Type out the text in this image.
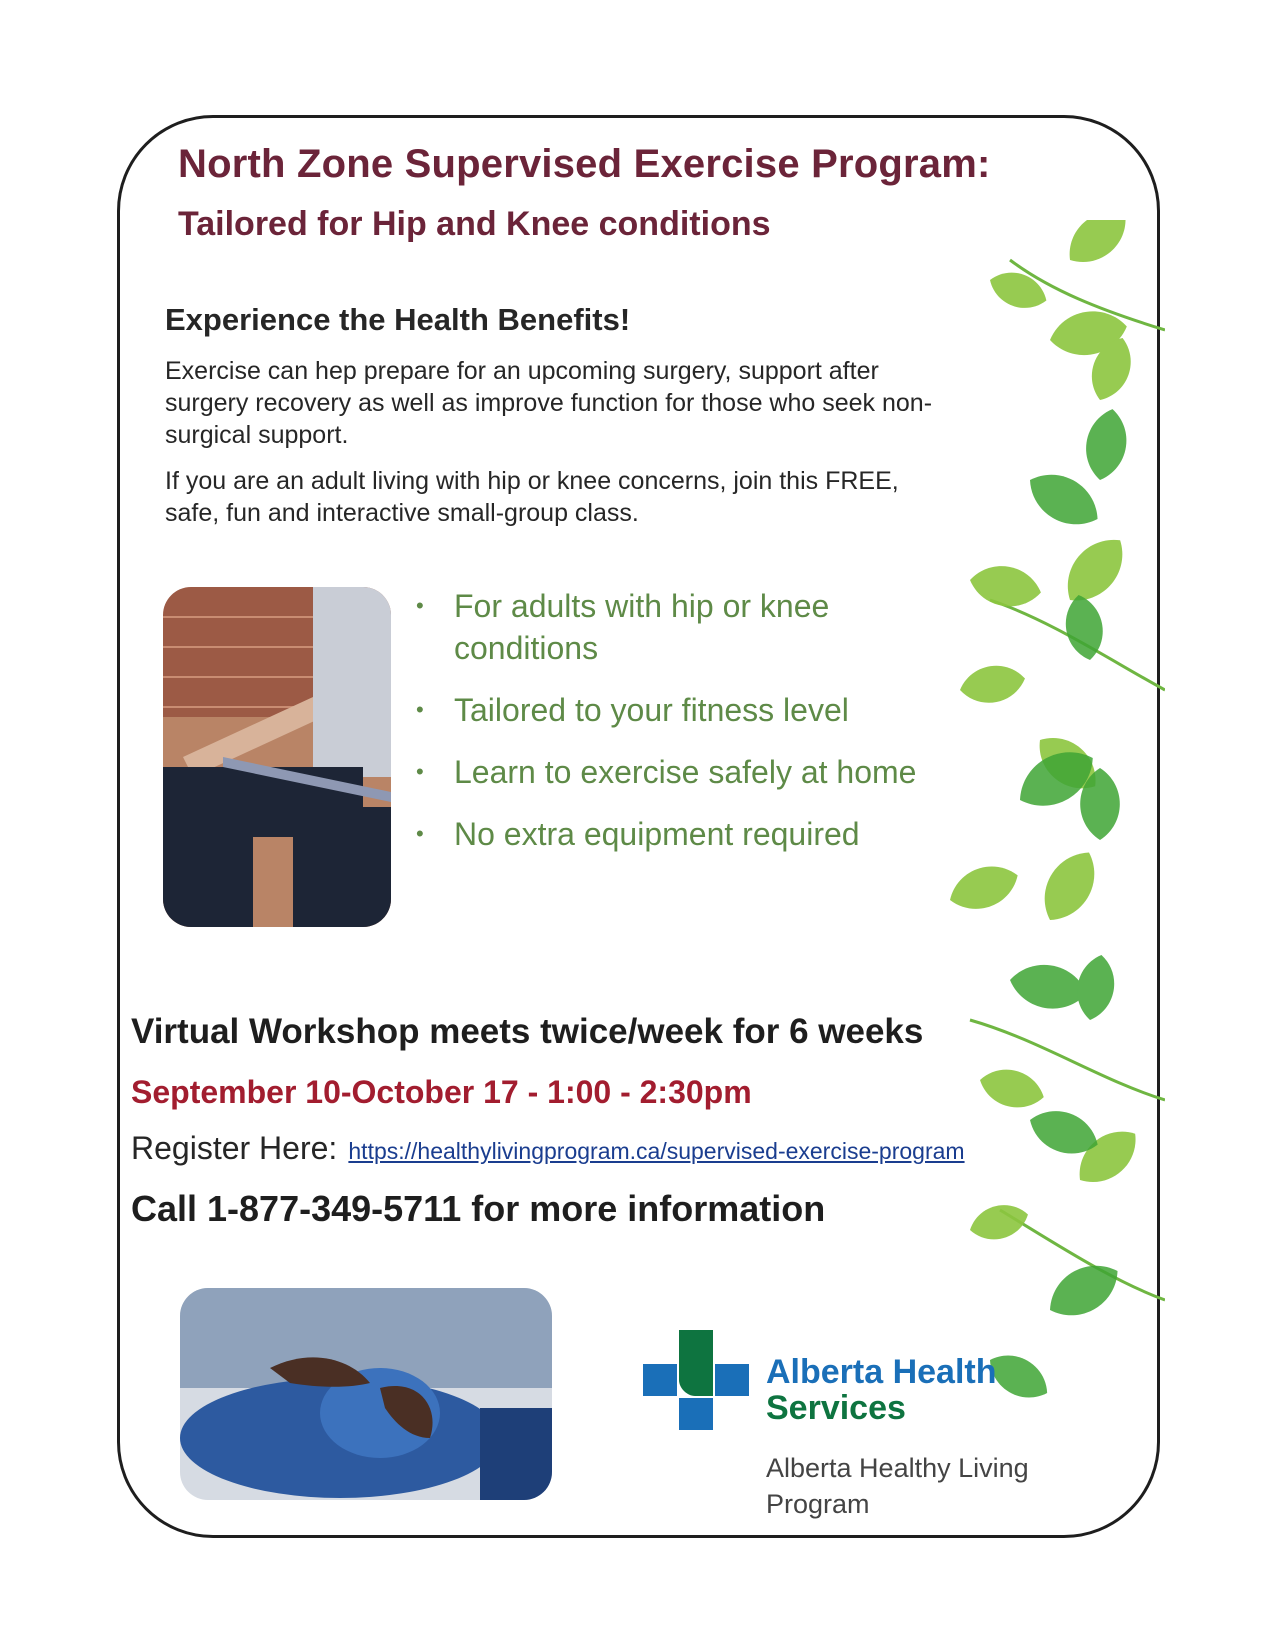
North Zone Supervised Exercise Program:
Tailored for Hip and Knee conditions
Experience the Health Benefits!
Exercise can hep prepare for an upcoming surgery, support after surgery recovery as well as improve function for those who seek non-surgical support.
If you are an adult living with hip or knee concerns, join this FREE, safe, fun and interactive small-group class.
• For adults with hip or knee conditions
• Tailored to your fitness level
• Learn to exercise safely at home
• No extra equipment required
Virtual Workshop meets twice/week for 6 weeks
September 10-October 17 - 1:00 - 2:30pm
Register Here: https://healthylivingprogram.ca/supervised-exercise-program
Call 1-877-349-5711 for more information
Alberta Health
Services
Alberta Healthy Living Program
